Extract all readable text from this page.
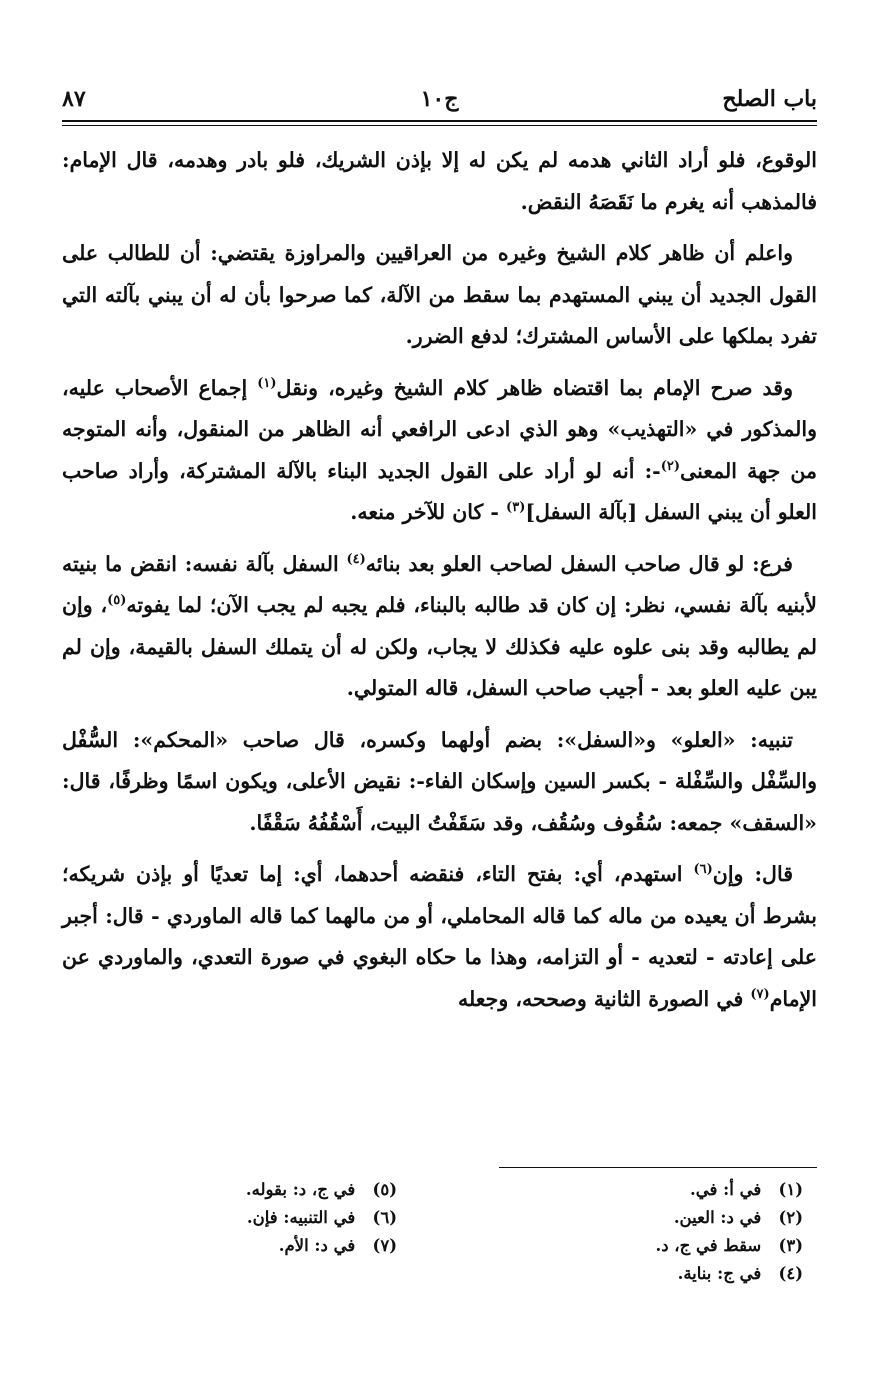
باب الصلح
ج١٠
٨٧

الوقوع، فلو أراد الثاني هدمه لم يكن له إلا بإذن الشريك، فلو بادر وهدمه، قال الإمام: فالمذهب أنه يغرم ما نَقَصَهُ النقض.

واعلم أن ظاهر كلام الشيخ وغيره من العراقيين والمراوزة يقتضي: أن للطالب على القول الجديد أن يبني المستهدم بما سقط من الآلة، كما صرحوا بأن له أن يبني بآلته التي تفرد بملكها على الأساس المشترك؛ لدفع الضرر.

وقد صرح الإمام بما اقتضاه ظاهر كلام الشيخ وغيره، ونقل$^{(١)}$ إجماع الأصحاب عليه، والمذكور في «التهذيب» وهو الذي ادعى الرافعي أنه الظاهر من المنقول، وأنه المتوجه من جهة المعنى$^{(٢)}$-: أنه لو أراد على القول الجديد البناء بالآلة المشتركة، وأراد صاحب العلو أن يبني السفل [بآلة السفل]$^{(٣)}$ - كان للآخر منعه.

فرع: لو قال صاحب السفل لصاحب العلو بعد بنائه$^{(٤)}$ السفل بآلة نفسه: انقض ما بنيته لأبنيه بآلة نفسي، نظر: إن كان قد طالبه بالبناء، فلم يجبه لم يجب الآن؛ لما يفوته$^{(٥)}$، وإن لم يطالبه وقد بنى علوه عليه فكذلك لا يجاب، ولكن له أن يتملك السفل بالقيمة، وإن لم يبن عليه العلو بعد - أجيب صاحب السفل، قاله المتولي.

تنبيه: «العلو» و«السفل»: بضم أولهما وكسره، قال صاحب «المحكم»: السُّفْل والسِّفْل والسِّفْلة - بكسر السين وإسكان الفاء-: نقيض الأعلى، ويكون اسمًا وظرفًا، قال: «السقف» جمعه: سُقُوف وسُقُف، وقد سَقَفْتُ البيت، أَسْقُفُهُ سَقْفًا.

قال: وإن$^{(٦)}$ استهدم، أي: بفتح التاء، فنقضه أحدهما، أي: إما تعديًا أو بإذن شريكه؛ بشرط أن يعيده من ماله كما قاله المحاملي، أو من مالهما كما قاله الماوردي - قال: أجبر على إعادته - لتعديه - أو التزامه، وهذا ما حكاه البغوي في صورة التعدي، والماوردي عن الإمام$^{(٧)}$ في الصورة الثانية وصححه، وجعله

(١) في أ: في.
(٢) في د: العين.
(٣) سقط في ج، د.
(٤) في ج: بناية.
(٥) في ج، د: بقوله.
(٦) في التنبيه: فإن.
(٧) في د: الأم.
